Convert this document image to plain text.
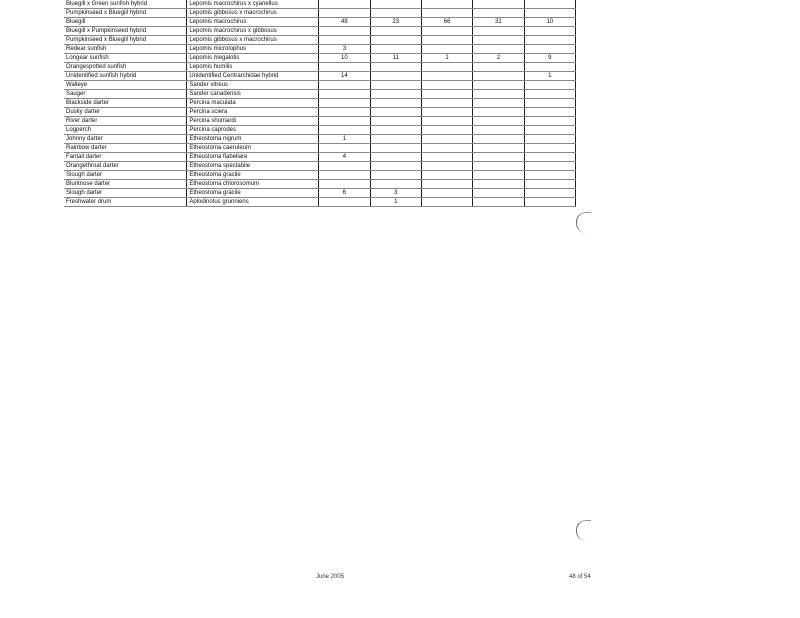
Bluegill x Green sunfish hybrid	Lepomis macrochirus x cyanellus					
Pumpkinseed x Bluegill hybrid	Lepomis gibbosus x macrochirus					
Bluegill	Lepomis macrochirus	48	23	66	31	10
Bluegill x Pumpkinseed hybrid	Lepomis macrochirus x gibbosus					
Pumpkinseed x Bluegill hybrid	Lepomis gibbosus x macrochirus					
Redear sunfish	Lepomis microlophus	3				
Longear sunfish	Lepomis megalotis	10	11	1	2	9
Orangespotted sunfish	Lepomis humilis					
Unidentified sunfish hybrid	Unidentified Centrarchidae hybrid	14				1
Walleye	Sander vitreus					
Sauger	Sander canadensis					
Blackside darter	Percina maculata					
Dusky darter	Percina sciera					
River darter	Percina shumardi					
Logperch	Percina caprodes					
Johnny darter	Etheostoma nigrum	1				
Rainbow darter	Etheostoma caeruleum					
Fantail darter	Etheostoma flabellare	4				
Orangethroat darter	Etheostoma spectabile					
Slough darter	Etheostoma gracile					
Bluntnose darter	Etheostoma chlorosomum					
Slough darter	Etheostoma gracile	6	3			
Freshwater drum	Aplodinotus grunniens		1			
June 2005	48 of 54
